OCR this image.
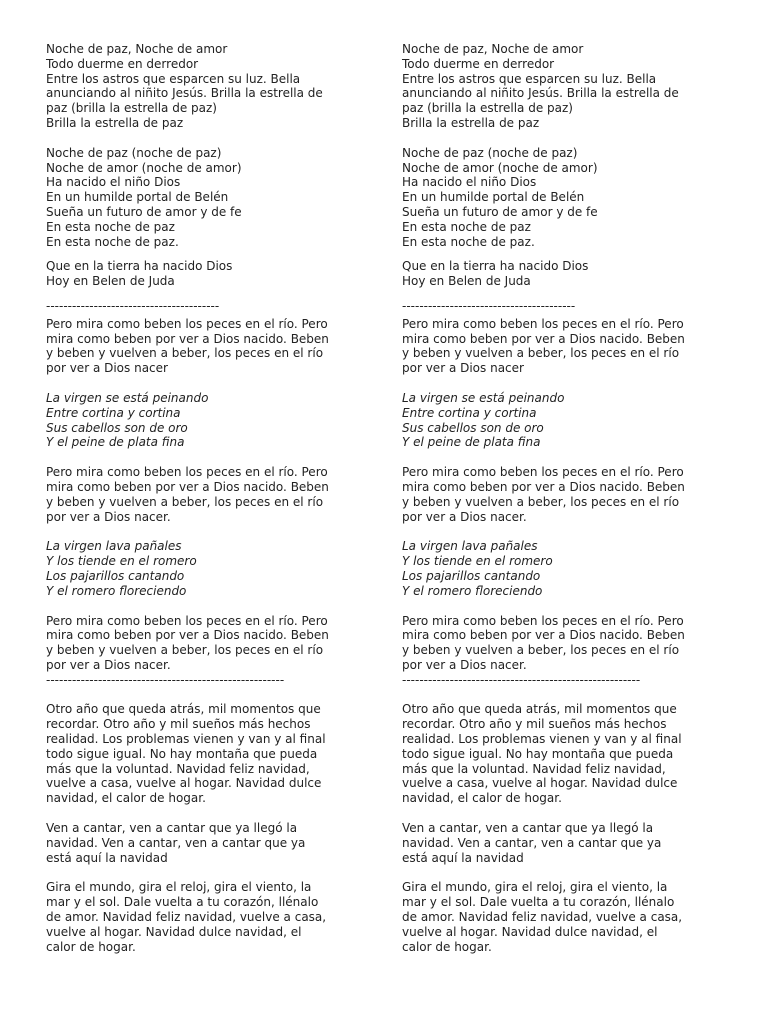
Noche de paz, Noche de amor
Todo duerme en derredor
Entre los astros que esparcen su luz. Bella
anunciando al niñito Jesús. Brilla la estrella de
paz (brilla la estrella de paz)
Brilla la estrella de paz

Noche de paz (noche de paz)
Noche de amor (noche de amor)
Ha nacido el niño Dios
En un humilde portal de Belén
Sueña un futuro de amor y de fe
En esta noche de paz
En esta noche de paz.

Que en la tierra ha nacido Dios
Hoy en Belen de Juda

----------------------------------------

Pero mira como beben los peces en el río. Pero
mira como beben por ver a Dios nacido. Beben
y beben y vuelven a beber, los peces en el río
por ver a Dios nacer

La virgen se está peinando
Entre cortina y cortina
Sus cabellos son de oro
Y el peine de plata fina

Pero mira como beben los peces en el río. Pero
mira como beben por ver a Dios nacido. Beben
y beben y vuelven a beber, los peces en el río
por ver a Dios nacer.

La virgen lava pañales
Y los tiende en el romero
Los pajarillos cantando
Y el romero floreciendo

Pero mira como beben los peces en el río. Pero
mira como beben por ver a Dios nacido. Beben
y beben y vuelven a beber, los peces en el río
por ver a Dios nacer.

-------------------------------------------------------

Otro año que queda atrás, mil momentos que
recordar. Otro año y mil sueños más hechos
realidad. Los problemas vienen y van y al final
todo sigue igual. No hay montaña que pueda
más que la voluntad. Navidad feliz navidad,
vuelve a casa, vuelve al hogar. Navidad dulce
navidad, el calor de hogar.

Ven a cantar, ven a cantar que ya llegó la
navidad. Ven a cantar, ven a cantar que ya
está aquí la navidad

Gira el mundo, gira el reloj, gira el viento, la
mar y el sol. Dale vuelta a tu corazón, llénalo
de amor. Navidad feliz navidad, vuelve a casa,
vuelve al hogar. Navidad dulce navidad, el
calor de hogar.

Noche de paz, Noche de amor
Todo duerme en derredor
Entre los astros que esparcen su luz. Bella
anunciando al niñito Jesús. Brilla la estrella de
paz (brilla la estrella de paz)
Brilla la estrella de paz

Noche de paz (noche de paz)
Noche de amor (noche de amor)
Ha nacido el niño Dios
En un humilde portal de Belén
Sueña un futuro de amor y de fe
En esta noche de paz
En esta noche de paz.

Que en la tierra ha nacido Dios
Hoy en Belen de Juda

----------------------------------------

Pero mira como beben los peces en el río. Pero
mira como beben por ver a Dios nacido. Beben
y beben y vuelven a beber, los peces en el río
por ver a Dios nacer

La virgen se está peinando
Entre cortina y cortina
Sus cabellos son de oro
Y el peine de plata fina

Pero mira como beben los peces en el río. Pero
mira como beben por ver a Dios nacido. Beben
y beben y vuelven a beber, los peces en el río
por ver a Dios nacer.

La virgen lava pañales
Y los tiende en el romero
Los pajarillos cantando
Y el romero floreciendo

Pero mira como beben los peces en el río. Pero
mira como beben por ver a Dios nacido. Beben
y beben y vuelven a beber, los peces en el río
por ver a Dios nacer.

-------------------------------------------------------

Otro año que queda atrás, mil momentos que
recordar. Otro año y mil sueños más hechos
realidad. Los problemas vienen y van y al final
todo sigue igual. No hay montaña que pueda
más que la voluntad. Navidad feliz navidad,
vuelve a casa, vuelve al hogar. Navidad dulce
navidad, el calor de hogar.

Ven a cantar, ven a cantar que ya llegó la
navidad. Ven a cantar, ven a cantar que ya
está aquí la navidad

Gira el mundo, gira el reloj, gira el viento, la
mar y el sol. Dale vuelta a tu corazón, llénalo
de amor. Navidad feliz navidad, vuelve a casa,
vuelve al hogar. Navidad dulce navidad, el
calor de hogar.
